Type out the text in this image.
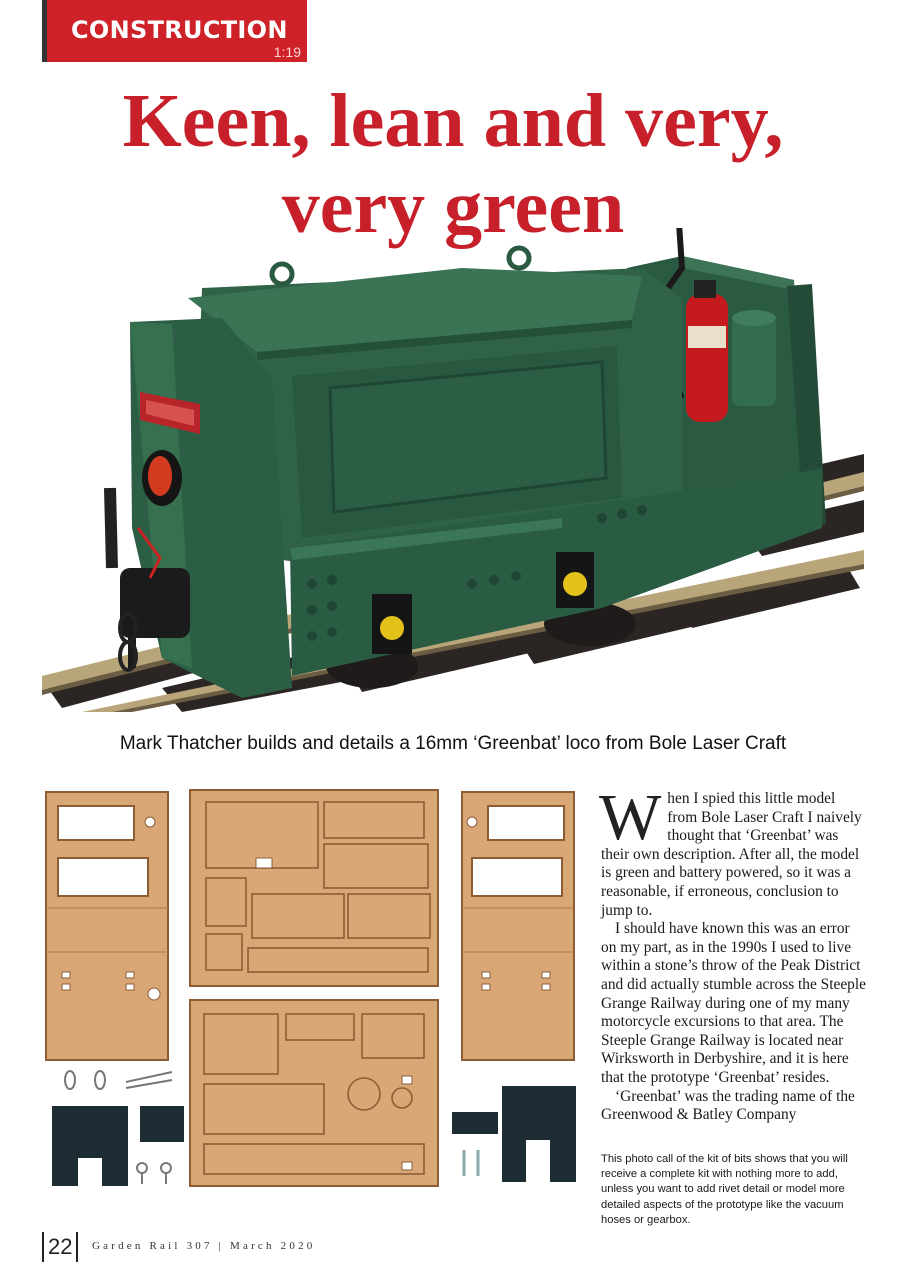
CONSTRUCTION
1:19
Keen, lean and very,
very green
Mark Thatcher builds and details a 16mm ‘Greenbat’ loco from Bole Laser Craft

When I spied this little model from Bole Laser Craft I naively thought that ‘Greenbat’ was their own description. After all, the model is green and battery powered, so it was a reasonable, if erroneous, conclusion to jump to.

I should have known this was an error on my part, as in the 1990s I used to live within a stone’s throw of the Peak District and did actually stumble across the Steeple Grange Railway during one of my many motorcycle excursions to that area. The Steeple Grange Railway is located near Wirksworth in Derbyshire, and it is here that the prototype ‘Greenbat’ resides.

‘Greenbat’ was the trading name of the Greenwood & Batley Company

This photo call of the kit of bits shows that you will receive a complete kit with nothing more to add, unless you want to add rivet detail or model more detailed aspects of the prototype like the vacuum hoses or gearbox.
22	Garden Rail 307 | March 2020
